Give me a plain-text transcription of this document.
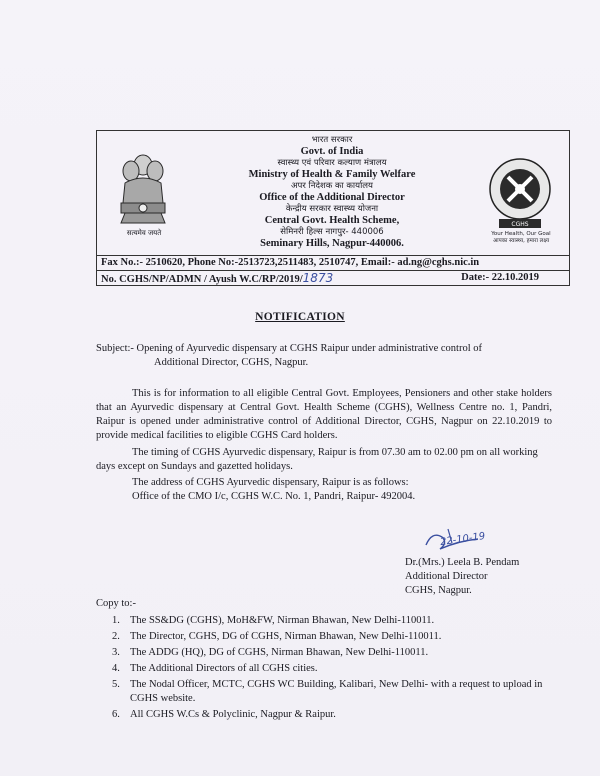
सत्यमेव जयते
भारत सरकार
Govt. of India
स्वास्थ्य एवं परिवार कल्याण मंत्रालय
Ministry of Health & Family Welfare
अपर निदेशक का कार्यालय
Office of the Additional Director
केन्द्रीय सरकार स्वास्थ्य योजना
Central Govt. Health Scheme,
सेमिनरी हिल्स नागपुर- 440006
Seminary Hills, Nagpur-440006.
CGHS
Your Health, Our Goal
आपका स्वास्थ्य, हमारा लक्ष्य
Fax No.:- 2510620, Phone No:-2513723,2511483, 2510747, Email:- ad.ng@cghs.nic.in
No. CGHS/NP/ADMN / Ayush W.C/RP/2019/1873	Date:- 22.10.2019
NOTIFICATION
Subject:- Opening of Ayurvedic dispensary at CGHS Raipur under administrative control of
Additional Director, CGHS, Nagpur.
This is for information to all eligible Central Govt. Employees, Pensioners and other stake holders that an Ayurvedic dispensary at Central Govt. Health Scheme (CGHS), Wellness Centre no. 1, Pandri, Raipur is opened under administrative control of Additional Director, CGHS, Nagpur on 22.10.2019 to provide medical facilities to eligible CGHS Card holders.
The timing of CGHS Ayurvedic dispensary, Raipur is from 07.30 am to 02.00 pm on all working days except on Sundays and gazetted holidays.
The address of CGHS Ayurvedic dispensary, Raipur is as follows:
Office of the CMO I/c, CGHS W.C. No. 1, Pandri, Raipur- 492004.
22-10-19
Dr.(Mrs.) Leela B. Pendam
Additional Director
CGHS, Nagpur.
Copy to:-
1. The SS&DG (CGHS), MoH&FW, Nirman Bhawan, New Delhi-110011.
2. The Director, CGHS, DG of CGHS, Nirman Bhawan, New Delhi-110011.
3. The ADDG (HQ), DG of CGHS, Nirman Bhawan, New Delhi-110011.
4. The Additional Directors of all CGHS cities.
5. The Nodal Officer, MCTC, CGHS WC Building, Kalibari, New Delhi- with a request to upload in CGHS website.
6. All CGHS W.Cs & Polyclinic, Nagpur & Raipur.
